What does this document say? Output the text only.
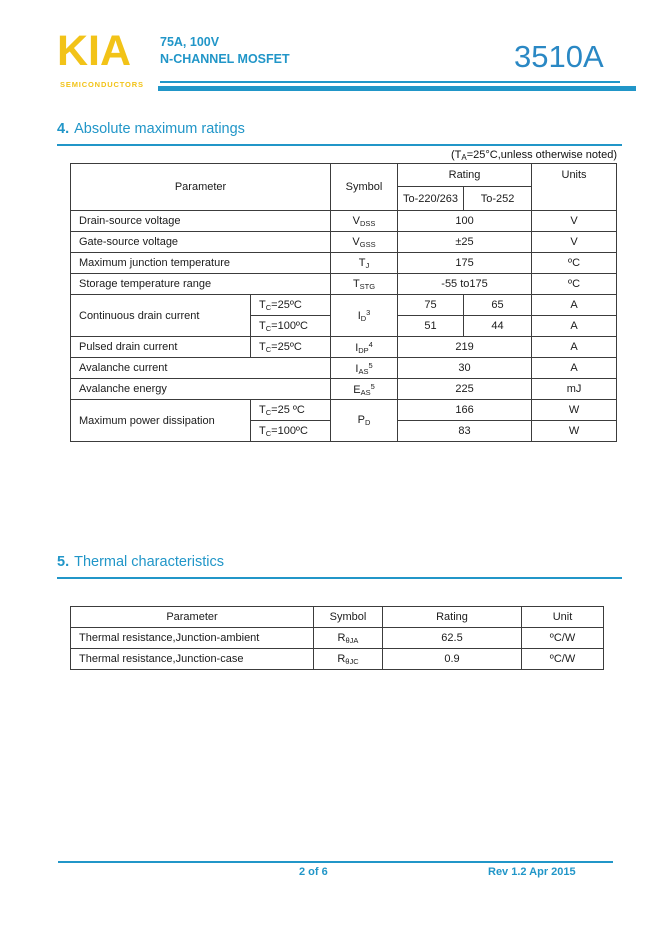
KIA
SEMICONDUCTORS
75A, 100V
N-CHANNEL MOSFET	3510A
4. Absolute maximum ratings
($T_A=25^\circ C,unless$ otherwise noted)
Parameter		Symbol	Rating		Units
			To-220/263	To-252	
Drain-source voltage		$V_{DSS}$	100		V
Gate-source voltage		$V_{GSS}$	±25		V
Maximum junction temperature		$T_J$	175		ºC
Storage temperature range		$T_{STG}$	-55 to175		ºC
Continuous drain current	$T_C=25ºC$	$I_D^3$	75	65	A
	$T_C=100ºC$		51	44	A
Pulsed drain current	$T_C=25ºC$	$I_{DP}^4$	219		A
Avalanche current		$I_{AS}^5$	30		A
Avalanche energy		$E_{AS}^5$	225		mJ
Maximum power dissipation	$T_C=25$ ºC	$P_D$	166		W
	$T_C=100ºC$		83		W
5. Thermal characteristics
Parameter	Symbol	Rating	Unit
Thermal resistance,Junction-ambient	$R_{\theta JA}$	62.5	ºC/W
Thermal resistance,Junction-case	$R_{\theta JC}$	0.9	ºC/W
2 of 6	Rev 1.2 Apr 2015
